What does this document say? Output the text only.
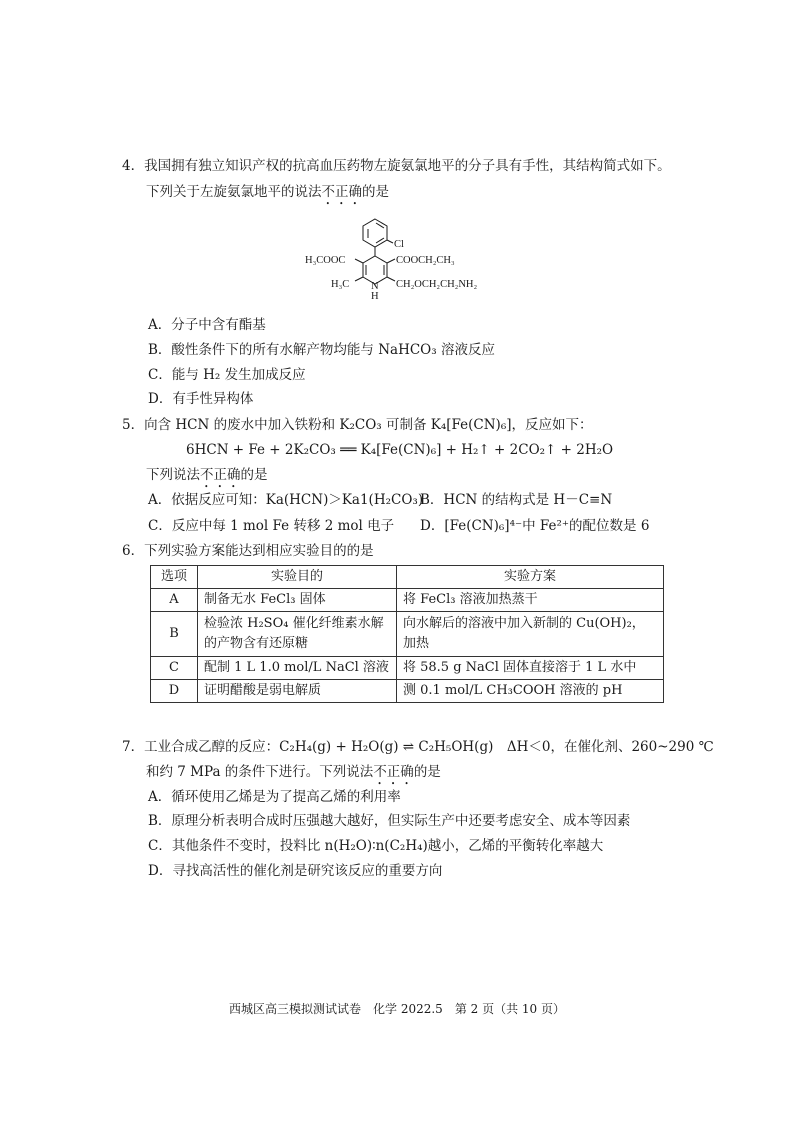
4．我国拥有独立知识产权的抗高血压药物左旋氨氯地平的分子具有手性，其结构简式如下。
下列关于左旋氨氯地平的说法不正确的是
Cl
H₃COOC	COOCH₂CH₃
H₃C N
H
CH₂OCH₂CH₂NH₂
A．分子中含有酯基
B．酸性条件下的所有水解产物均能与 NaHCO₃ 溶液反应
C．能与 H₂ 发生加成反应
D．有手性异构体
5．向含 HCN 的废水中加入铁粉和 K₂CO₃ 可制备 K₄[Fe(CN)₆]，反应如下：
6HCN + Fe + 2K₂CO₃ ══ K₄[Fe(CN)₆] + H₂↑ + 2CO₂↑ + 2H₂O
下列说法不正确的是
A．依据反应可知：Ka(HCN)＞Ka1(H₂CO₃)
B．HCN 的结构式是 H－C≡N
C．反应中每 1 mol Fe 转移 2 mol 电子 D．[Fe(CN)₆]⁴⁻中 Fe²⁺的配位数是 6
6．下列实验方案能达到相应实验目的的是
选项	实验目的	实验方案
A	制备无水 FeCl₃ 固体	将 FeCl₃ 溶液加热蒸干
B	检验浓 H₂SO₄ 催化纤维素水解的产物含有还原糖	向水解后的溶液中加入新制的 Cu(OH)₂，加热
C	配制 1 L 1.0 mol/L NaCl 溶液	将 58.5 g NaCl 固体直接溶于 1 L 水中
D	证明醋酸是弱电解质	测 0.1 mol/L CH₃COOH 溶液的 pH
7．工业合成乙醇的反应：C₂H₄(g) + H₂O(g) ⇌ C₂H₅OH(g)　ΔH＜0，在催化剂、260~290 ℃
和约 7 MPa 的条件下进行。下列说法不正确的是
A．循环使用乙烯是为了提高乙烯的利用率
B．原理分析表明合成时压强越大越好，但实际生产中还要考虑安全、成本等因素
C．其他条件不变时，投料比 n(H₂O)∶n(C₂H₄)越小，乙烯的平衡转化率越大
D．寻找高活性的催化剂是研究该反应的重要方向
西城区高三模拟测试试卷　化学 2022.5　第 2 页（共 10 页）
